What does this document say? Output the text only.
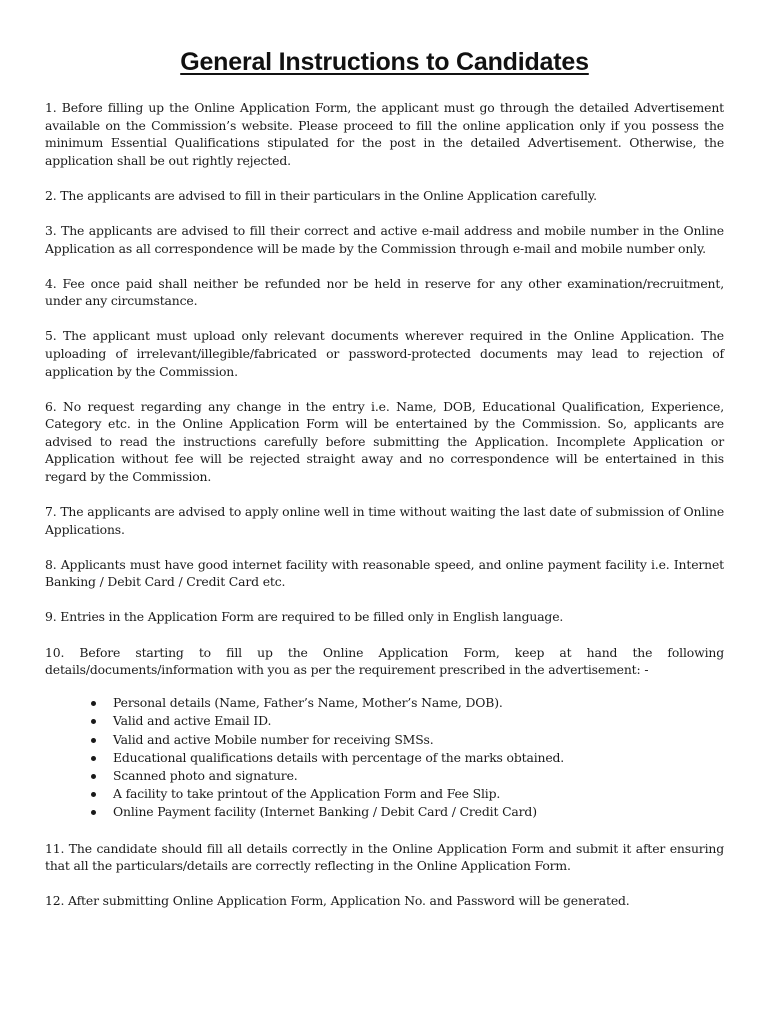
General Instructions to Candidates

1. Before filling up the Online Application Form, the applicant must go through the detailed Advertisement available on the Commission’s website. Please proceed to fill the online application only if you possess the minimum Essential Qualifications stipulated for the post in the detailed Advertisement. Otherwise, the application shall be out rightly rejected.

2. The applicants are advised to fill in their particulars in the Online Application carefully.

3. The applicants are advised to fill their correct and active e-mail address and mobile number in the Online Application as all correspondence will be made by the Commission through e-mail and mobile number only.

4. Fee once paid shall neither be refunded nor be held in reserve for any other examination/recruitment, under any circumstance.

5. The applicant must upload only relevant documents wherever required in the Online Application. The uploading of irrelevant/illegible/fabricated or password-protected documents may lead to rejection of application by the Commission.

6. No request regarding any change in the entry i.e. Name, DOB, Educational Qualification, Experience, Category etc. in the Online Application Form will be entertained by the Commission. So, applicants are advised to read the instructions carefully before submitting the Application. Incomplete Application or Application without fee will be rejected straight away and no correspondence will be entertained in this regard by the Commission.

7. The applicants are advised to apply online well in time without waiting the last date of submission of Online Applications.

8. Applicants must have good internet facility with reasonable speed, and online payment facility i.e. Internet Banking / Debit Card / Credit Card etc.

9. Entries in the Application Form are required to be filled only in English language.

10. Before starting to fill up the Online Application Form, keep at hand the following details/documents/information with you as per the requirement prescribed in the advertisement: -

Personal details (Name, Father’s Name, Mother’s Name, DOB).
Valid and active Email ID.
Valid and active Mobile number for receiving SMSs.
Educational qualifications details with percentage of the marks obtained.
Scanned photo and signature.
A facility to take printout of the Application Form and Fee Slip.
Online Payment facility (Internet Banking / Debit Card / Credit Card)

11. The candidate should fill all details correctly in the Online Application Form and submit it after ensuring that all the particulars/details are correctly reflecting in the Online Application Form.

12. After submitting Online Application Form, Application No. and Password will be generated.
